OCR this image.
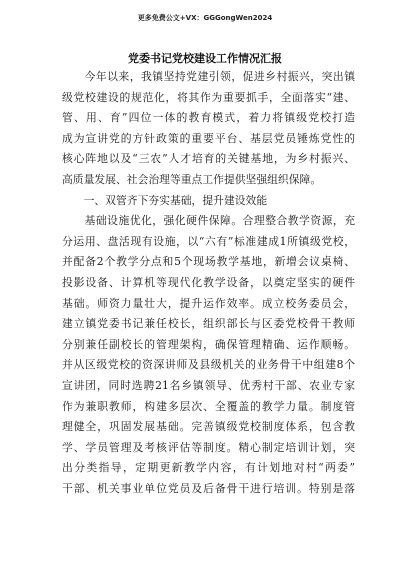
更多免费公文+VX：GGGongWen2024
党委书记党校建设工作情况汇报
　　今年以来，我镇坚持党建引领，促进乡村振兴，突出镇
级党校建设的规范化，将其作为重要抓手，全面落实“建、
管、用、育”四位一体的教育模式，着力将镇级党校打造
成为宣讲党的方针政策的重要平台、基层党员锤炼党性的
核心阵地以及“三农”人才培育的关键基地，为乡村振兴、
高质量发展、社会治理等重点工作提供坚强组织保障。
　　一、双管齐下夯实基础，提升建设效能
　　基础设施优化，强化硬件保障。合理整合教学资源，充
分运用、盘活现有设施，以“六有”标准建成1所镇级党校，
并配备2个教学分点和5个现场教学基地，新增会议桌椅、
投影设备、计算机等现代化教学设备，以奠定坚实的硬件
基础。师资力量壮大，提升运作效率。成立校务委员会，
建立镇党委书记兼任校长，组织部长与区委党校骨干教师
分别兼任副校长的管理架构，确保管理精确、运作顺畅。
并从区级党校的资深讲师及县级机关的业务骨干中组建8个
宣讲团，同时选聘21名乡镇领导、优秀村干部、农业专家
作为兼职教师，构建多层次、全覆盖的教学力量。制度管
理健全，巩固发展基础。完善镇级党校制度体系，包含教
学、学员管理及考核评估等制度。精心制定培训计划，突
出分类指导，定期更新教学内容，有计划地对村“两委”
干部、机关事业单位党员及后备骨干进行培训。特别是落
